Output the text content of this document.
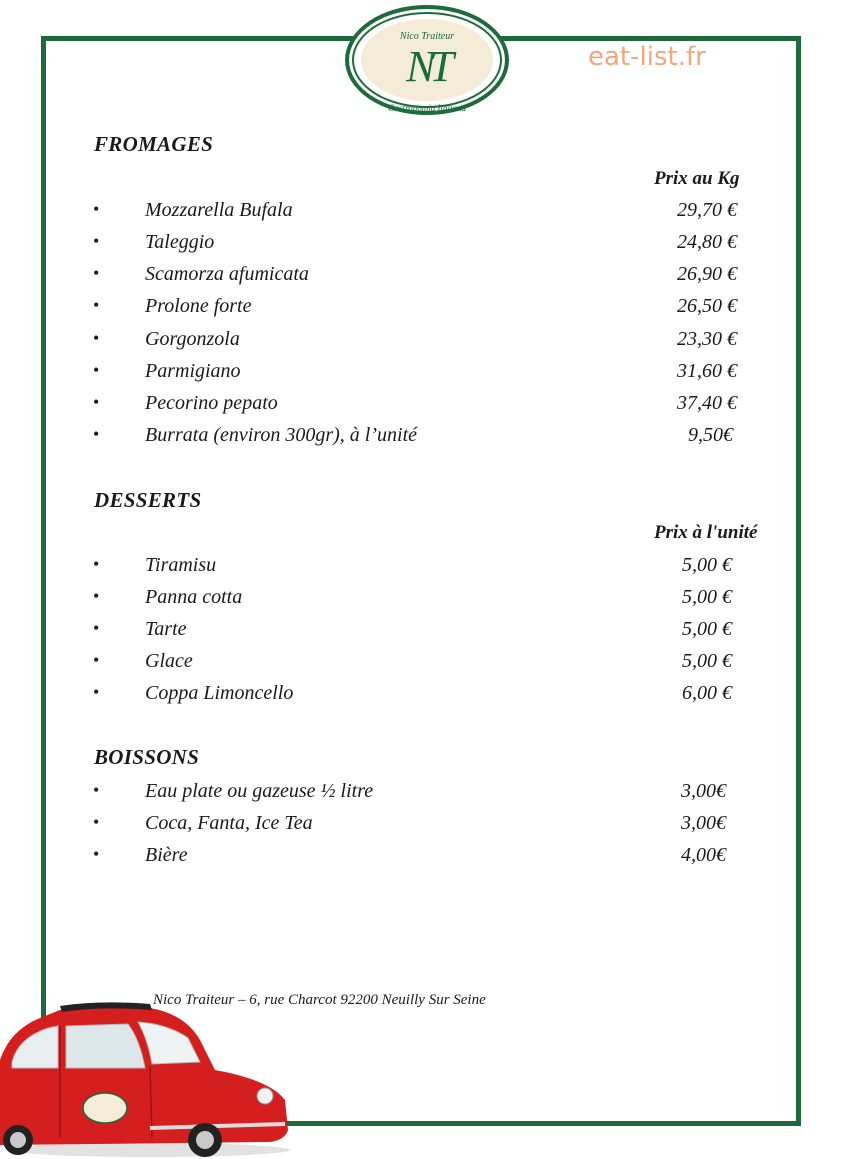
Nico Traiteur
NT
Gastronomia Italiana
eat-list.fr
FROMAGES
Prix au Kg
• Mozzarella Bufala	29,70 €
• Taleggio	24,80 €
• Scamorza afumicata	26,90 €
• Prolone forte	26,50 €
• Gorgonzola	23,30 €
• Parmigiano	31,60 €
• Pecorino pepato	37,40 €
• Burrata (environ 300gr), à l’unité	9,50€
DESSERTS
Prix à l'unité
• Tiramisu	5,00 €
• Panna cotta	5,00 €
• Tarte	5,00 €
• Glace	5,00 €
• Coppa Limoncello	6,00 €
BOISSONS
• Eau plate ou gazeuse ½ litre	3,00€
• Coca, Fanta, Ice Tea	3,00€
• Bière	4,00€
Nico Traiteur – 6, rue Charcot 92200 Neuilly Sur Seine
